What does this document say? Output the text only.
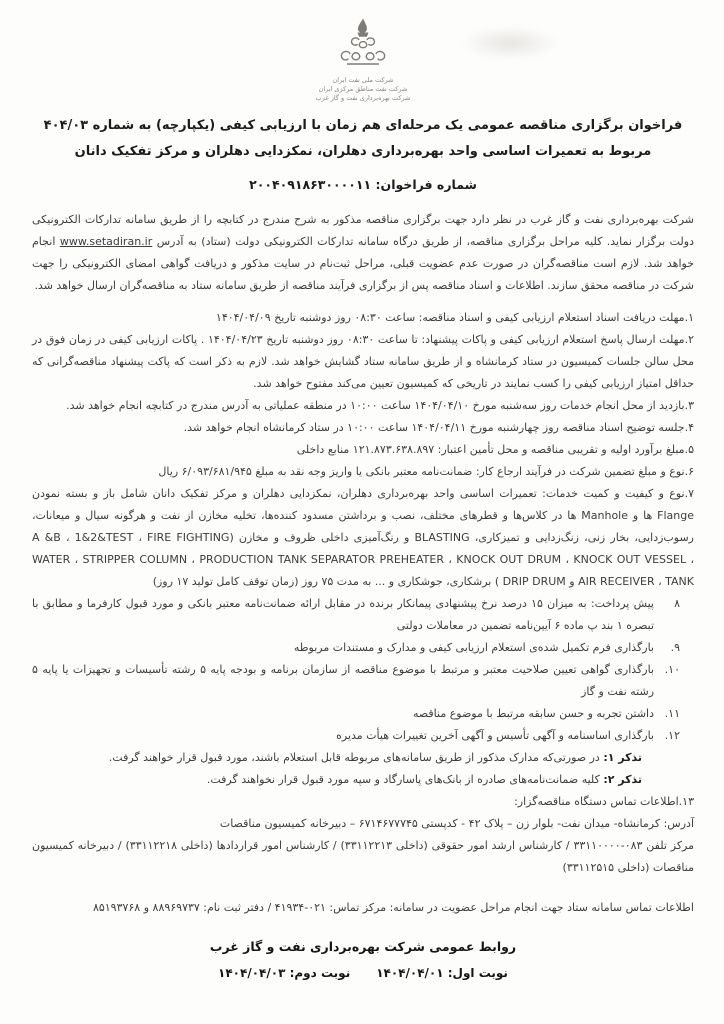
شرکت ملی نفت ایران
شرکت نفت مناطق مرکزی ایران
شرکت بهره‌برداری نفت و گاز غرب
فراخوان برگزاری مناقصه عمومی یک مرحله‌ای هم زمان با ارزیابی کیفی (یکپارچه) به شماره ۴۰۴/۰۳
مربوط به تعمیرات اساسی واحد بهره‌برداری دهلران، نمکزدایی دهلران و مرکز تفکیک دانان
شماره فراخوان: ۲۰۰۴۰۹۱۸۶۳۰۰۰۰۱۱
شرکت بهره‌برداری نفت و گاز غرب در نظر دارد جهت برگزاری مناقصه مذکور به شرح مندرج در کتابچه را از طریق سامانه تدارکات الکترونیکی دولت برگزار نماید. کلیه مراحل برگزاری مناقصه، از طریق درگاه سامانه تدارکات الکترونیکی دولت (ستاد) به آدرس www.setadiran.ir انجام خواهد شد. لازم است مناقصه‌گران در صورت عدم عضویت قبلی، مراحل ثبت‌نام در سایت مذکور و دریافت گواهی امضای الکترونیکی را جهت شرکت در مناقصه محقق سازند. اطلاعات و اسناد مناقصه پس از برگزاری فرآیند مناقصه از طریق سامانه ستاد به مناقصه‌گران ارسال خواهد شد.
۱.مهلت دریافت اسناد استعلام ارزیابی کیفی و اسناد مناقصه: ساعت ۰۸:۳۰ روز دوشنبه تاریخ ۱۴۰۴/۰۴/۰۹
۲.مهلت ارسال پاسخ استعلام ارزیابی کیفی و پاکات پیشنهاد: تا ساعت ۰۸:۳۰ روز دوشنبه تاریخ ۱۴۰۴/۰۴/۲۳ . پاکات ارزیابی کیفی در زمان فوق در محل سالن جلسات کمیسیون در ستاد کرمانشاه و از طریق سامانه ستاد گشایش خواهد شد. لازم به ذکر است که پاکت پیشنهاد مناقصه‌گرانی که حداقل امتیاز ارزیابی کیفی را کسب نمایند در تاریخی که کمیسیون تعیین می‌کند مفتوح خواهد شد.
۳.بازدید از محل انجام خدمات روز سه‌شنبه مورخ ۱۴۰۴/۰۴/۱۰ ساعت ۱۰:۰۰ در منطقه عملیاتی به آدرس مندرج در کتابچه انجام خواهد شد.
۴.جلسه توضیح اسناد مناقصه روز چهارشنبه مورخ ۱۴۰۴/۰۴/۱۱ ساعت ۱۰:۰۰ در ستاد کرمانشاه انجام خواهد شد.
۵.مبلغ برآورد اولیه و تقریبی مناقصه و محل تأمین اعتبار: ۱۲۱.۸۷۳.۶۳۸.۸۹۷ منابع داخلی
۶.نوع و مبلغ تضمین شرکت در فرآیند ارجاع کار: ضمانت‌نامه معتبر بانکی یا واریز وجه نقد به مبلغ ۶/۰۹۳/۶۸۱/۹۴۵ ریال
۷.نوع و کیفیت و کمیت خدمات: تعمیرات اساسی واحد بهره‌برداری دهلران، نمکزدایی دهلران و مرکز تفکیک دانان شامل باز و بسته نمودن Flange ها و Manhole ها در کلاس‌ها و قطرهای مختلف، نصب و برداشتن مسدود کننده‌ها، تخلیه مخازن از نفت و هرگونه سیال و میعانات، رسوب‌زدایی، بخار زنی، زنگ‌زدایی و تمیزکاری، BLASTING و رنگ‌آمیزی داخلی ظروف و مخازن (A &B ، 1&2&TEST ، FIRE FIGHTING WATER ، STRIPPER COLUMN ، PRODUCTION TANK SEPARATOR PREHEATER ، KNOCK OUT DRUM ، KNOCK OUT VESSEL ، AIR RECEIVER ، TANK و DRIP DRUM ) برشکاری، جوشکاری و ... به مدت ۷۵ روز (زمان توقف کامل تولید ۱۷ روز)
۸پیش پرداخت: به میزان ۱۵ درصد نرخ پیشنهادی پیمانکار برنده در مقابل ارائه ضمانت‌نامه معتبر بانکی و مورد قبول کارفرما و مطابق با تبصره ۱ بند پ ماده ۶ آیین‌نامه تضمین در معاملات دولتی
۹.بارگذاری فرم تکمیل شده‌ی استعلام ارزیابی کیفی و مدارک و مستندات مربوطه
۱۰.بارگذاری گواهی تعیین صلاحیت معتبر و مرتبط با موضوع مناقصه از سازمان برنامه و بودجه پایه ۵ رشته تأسیسات و تجهیزات یا پایه ۵ رشته نفت و گاز
۱۱.داشتن تجربه و حسن سابقه مرتبط با موضوع مناقصه
۱۲.بارگذاری اساسنامه و آگهی تأسیس و آگهی آخرین تغییرات هیأت مدیره
تذکر ۱: در صورتی‌که مدارک مذکور از طریق سامانه‌های مربوطه قابل استعلام باشند، مورد قبول قرار خواهند گرفت.
تذکر ۲: کلیه ضمانت‌نامه‌های صادره از بانک‌های پاسارگاد و سپه مورد قبول قرار نخواهند گرفت.
۱۳.اطلاعات تماس دستگاه مناقصه‌گزار:
آدرس: کرمانشاه- میدان نفت- بلوار زن – پلاک ۴۲ - کدپستی ۶۷۱۴۶۷۷۷۴۵ – دبیرخانه کمیسیون مناقصات
مرکز تلفن ۰۸۳-۳۳۱۱۰۰۰۰ / کارشناس ارشد امور حقوقی (داخلی ۳۳۱۱۲۲۱۳) / کارشناس امور قراردادها (داخلی ۳۳۱۱۲۲۱۸) / دبیرخانه کمیسیون مناقصات (داخلی ۳۳۱۱۲۵۱۵)
اطلاعات تماس سامانه ستاد جهت انجام مراحل عضویت در سامانه: مرکز تماس: ۰۲۱-۴۱۹۳۴ / دفتر ثبت نام: ۸۸۹۶۹۷۳۷ و ۸۵۱۹۳۷۶۸
روابط عمومی شرکت بهره‌برداری نفت و گاز غرب
نوبت اول: ۱۴۰۴/۰۴/۰۱نوبت دوم: ۱۴۰۴/۰۴/۰۳
